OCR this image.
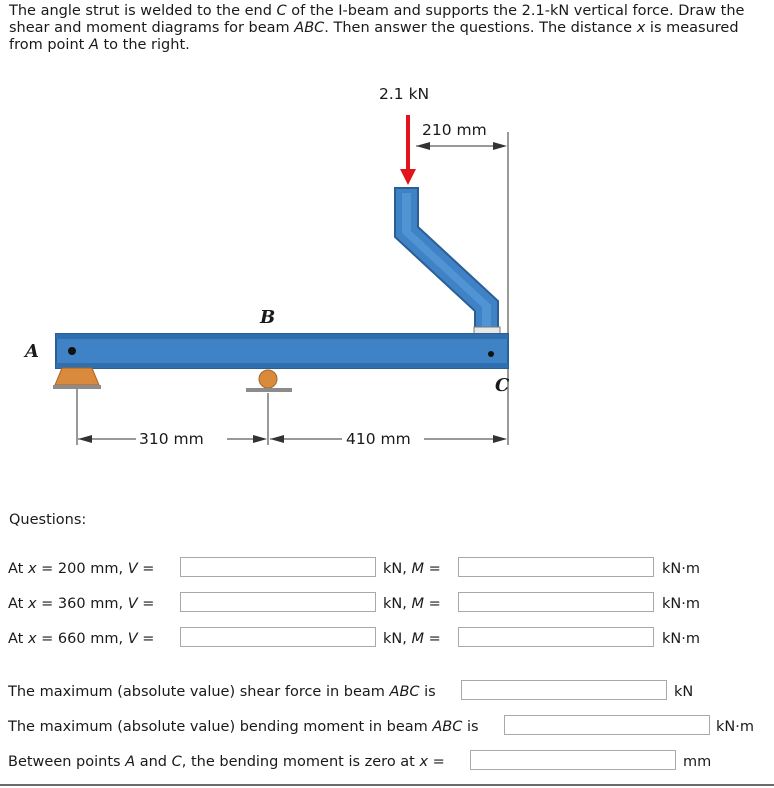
The angle strut is welded to the end C of the I-beam and supports the 2.1-kN vertical force. Draw the shear and moment diagrams for beam ABC. Then answer the questions. The distance x is measured from point A to the right.
2.1 kN
210 mm
310 mm	410 mm
A
B
C
Questions:
At x = 200 mm, V =	kN, M =	kN·m
At x = 360 mm, V =	kN, M =	kN·m
At x = 660 mm, V =	kN, M =	kN·m
The maximum (absolute value) shear force in beam ABC is	kN
The maximum (absolute value) bending moment in beam ABC is	kN·m
Between points A and C, the bending moment is zero at x =	mm
